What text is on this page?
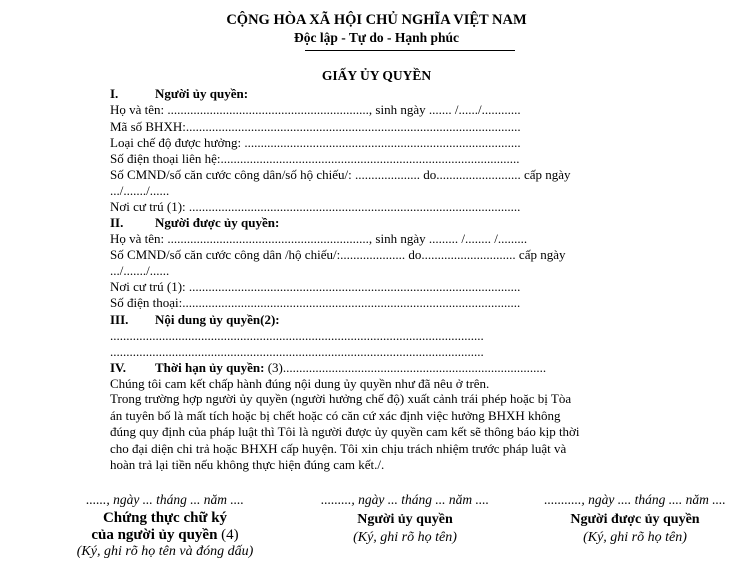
CỘNG HÒA XÃ HỘI CHỦ NGHĨA VIỆT NAM
Độc lập - Tự do - Hạnh phúc
GIẤY ỦY QUYỀN
I.	Người ủy quyền:
Họ và tên: .............................................................., sinh ngày ....... /....../............
Mã số BHXH:.......................................................................................................
Loại chế độ được hưởng: .....................................................................................
Số điện thoại liên hệ:............................................................................................
Số CMND/số căn cước công dân/số hộ chiếu/: .................... do.......................... cấp ngày
.../......./......
Nơi cư trú (1): ......................................................................................................
II. Người được ủy quyền:
Họ và tên: .............................................................., sinh ngày ......... /........ /.........
Số CMND/số căn cước công dân /hộ chiếu/:.................... do............................. cấp ngày
.../......./......
Nơi cư trú (1): ......................................................................................................
Số điện thoại:........................................................................................................
III. Nội dung ủy quyền(2):
...................................................................................................................
...................................................................................................................
IV. Thời hạn ủy quyền: (3).................................................................................
Chúng tôi cam kết chấp hành đúng nội dung ủy quyền như đã nêu ở trên.

Trong trường hợp người ủy quyền (người hưởng chế độ) xuất cảnh trái phép hoặc bị Tòa án tuyên bố là mất tích hoặc bị chết hoặc có căn cứ xác định việc hưởng BHXH không đúng quy định của pháp luật thì Tôi là người được ủy quyền cam kết sẽ thông báo kịp thời cho đại diện chi trả hoặc BHXH cấp huyện. Tôi xin chịu trách nhiệm trước pháp luật và hoàn trả lại tiền nếu không thực hiện đúng cam kết./.

......, ngày ... tháng ... năm ....
Chứng thực chữ ký
của người ủy quyền (4)
(Ký, ghi rõ họ tên và đóng dấu)
........., ngày ... tháng ... năm ....
Người ủy quyền
(Ký, ghi rõ họ tên)
..........., ngày .... tháng .... năm ....
Người được ủy quyền
(Ký, ghi rõ họ tên)
